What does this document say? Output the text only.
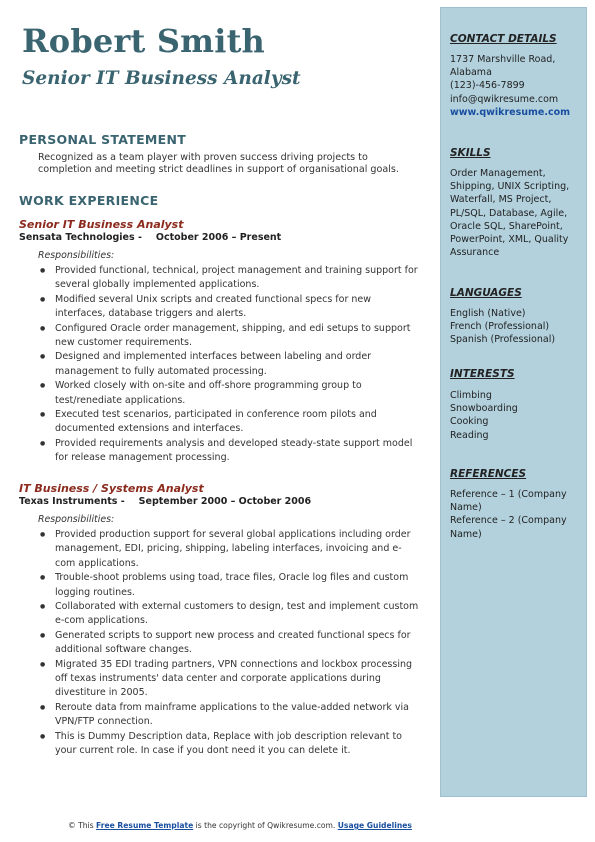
Robert Smith
Senior IT Business Analyst
PERSONAL STATEMENT
Recognized as a team player with proven success driving projects to completion and meeting strict deadlines in support of organisational goals.
WORK EXPERIENCE
Senior IT Business Analyst
Sensata Technologies - October 2006 – Present
Responsibilities:
● Provided functional, technical, project management and training support for several globally implemented applications.
● Modified several Unix scripts and created functional specs for new interfaces, database triggers and alerts.
● Configured Oracle order management, shipping, and edi setups to support new customer requirements.
● Designed and implemented interfaces between labeling and order management to fully automated processing.
● Worked closely with on-site and off-shore programming group to test/renediate applications.
● Executed test scenarios, participated in conference room pilots and documented extensions and interfaces.
● Provided requirements analysis and developed steady-state support model for release management processing.
IT Business / Systems Analyst
Texas Instruments - September 2000 – October 2006
Responsibilities:
● Provided production support for several global applications including order management, EDI, pricing, shipping, labeling interfaces, invoicing and e-com applications.
● Trouble-shoot problems using toad, trace files, Oracle log files and custom logging routines.
● Collaborated with external customers to design, test and implement custom e-com applications.
● Generated scripts to support new process and created functional specs for additional software changes.
● Migrated 35 EDI trading partners, VPN connections and lockbox processing off texas instruments' data center and corporate applications during divestiture in 2005.
● Reroute data from mainframe applications to the value-added network via VPN/FTP connection.
● This is Dummy Description data, Replace with job description relevant to your current role. In case if you dont need it you can delete it.
CONTACT DETAILS
1737 Marshville Road,
Alabama
(123)-456-7899
info@qwikresume.com
www.qwikresume.com
SKILLS
Order Management, Shipping, UNIX Scripting, Waterfall, MS Project, PL/SQL, Database, Agile, Oracle SQL, SharePoint, PowerPoint, XML, Quality Assurance
LANGUAGES
English (Native)
French (Professional)
Spanish (Professional)
INTERESTS
Climbing
Snowboarding
Cooking
Reading
REFERENCES
Reference – 1 (Company Name)
Reference – 2 (Company Name)
© This Free Resume Template is the copyright of Qwikresume.com. Usage Guidelines
